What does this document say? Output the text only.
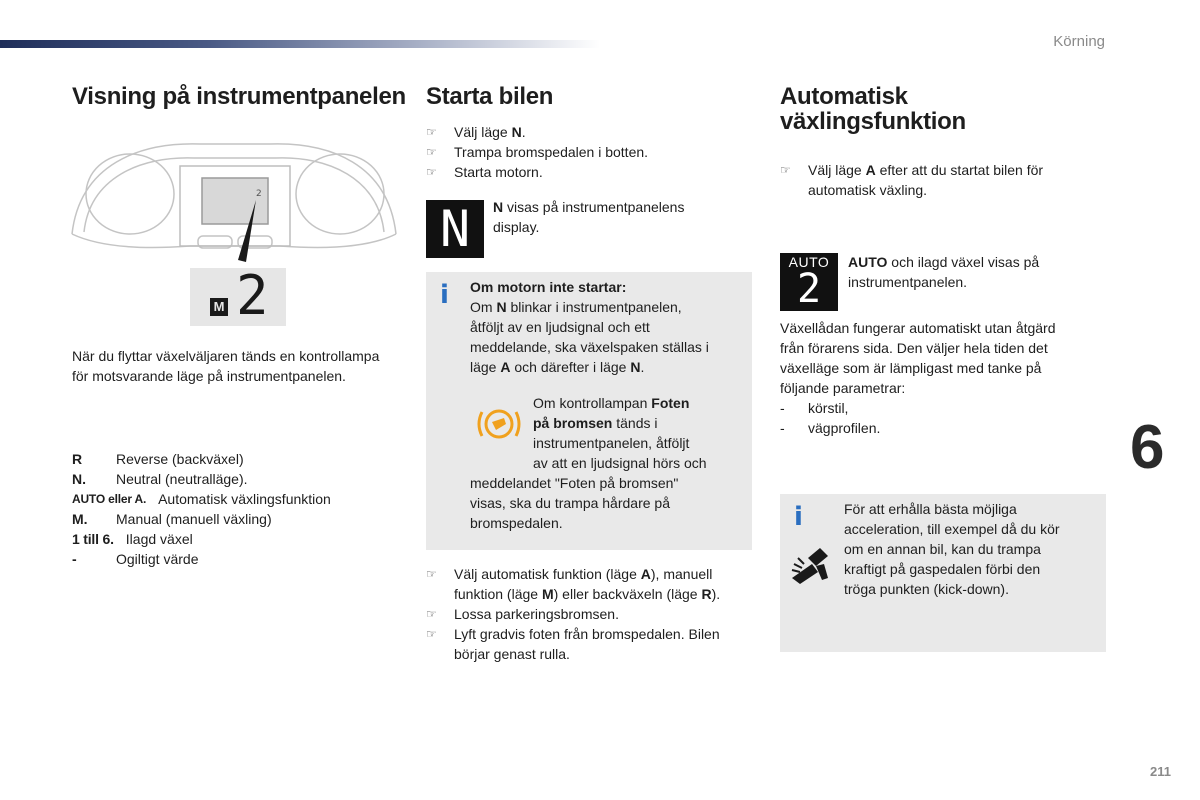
Körning
6
211
Visning på instrumentpanelen
2
M 2

När du flyttar växelväljaren tänds en kontrollampa för motsvarande läge på instrumentpanelen.

R	Reverse (backväxel)
N.	Neutral (neutralläge).
AUTO eller A. Automatisk växlingsfunktion
M.	Manual (manuell växling)
1 till 6. Ilagd växel
-	Ogiltigt värde
Starta bilen
☞ Välj läge N.
☞ Trampa bromspedalen i botten.
☞ Starta motorn.
N	N visas på instrumentpanelens
display.

i Om motorn inte startar:
Om N blinkar i instrumentpanelen,
åtföljt av en ljudsignal och ett
meddelande, ska växelspaken ställas i
läge A och därefter i läge N.

Om kontrollampan Foten
på bromsen tänds i
instrumentpanelen, åtföljt
av att en ljudsignal hörs och

meddelandet "Foten på bromsen"
visas, ska du trampa hårdare på
bromspedalen.

☞ Välj automatisk funktion (läge A), manuell
funktion (läge M) eller backväxeln (läge R).
☞ Lossa parkeringsbromsen.
☞ Lyft gradvis foten från bromspedalen. Bilen
börjar genast rulla.
Automatisk
växlingsfunktion
☞ Välj läge A efter att du startat bilen för
automatisk växling.
AUTO
2

AUTO och ilagd växel visas på
instrumentpanelen.

Växellådan fungerar automatiskt utan åtgärd
från förarens sida. Den väljer hela tiden det
växelläge som är lämpligast med tanke på
följande parametrar:

- körstil,
- vägprofilen.
i	För att erhålla bästa möjliga
acceleration, till exempel då du kör
om en annan bil, kan du trampa
kraftigt på gaspedalen förbi den
tröga punkten (kick-down).
